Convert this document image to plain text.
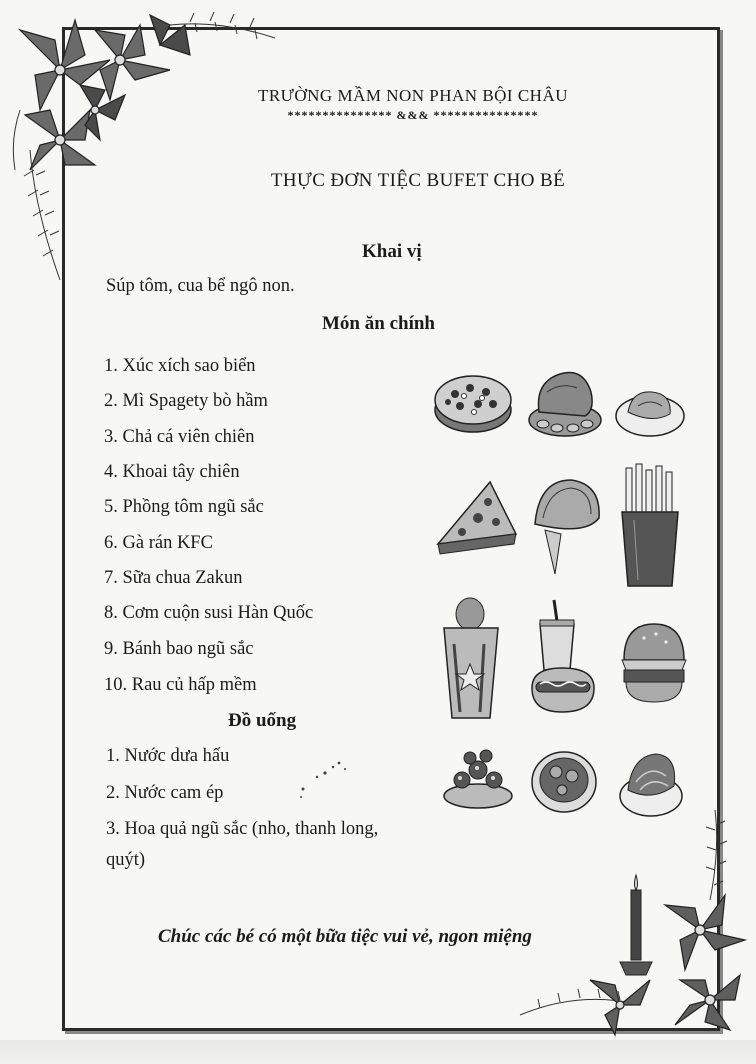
TRƯỜNG MẦM NON PHAN BỘI CHÂU
*************** &&& ***************
THỰC ĐƠN TIỆC BUFET CHO BÉ
Khai vị
Súp tôm, cua bể ngô non.
Món ăn chính
1. Xúc xích sao biển
2. Mì Spagety bò hầm
3. Chả cá viên chiên
4. Khoai tây chiên
5. Phồng tôm ngũ sắc
6. Gà rán KFC
7. Sữa chua Zakun
8. Cơm cuộn susi Hàn Quốc
9. Bánh bao ngũ sắc
10. Rau củ hấp mềm
Đồ uống
1. Nước dưa hấu
2. Nước cam ép
3. Hoa quả ngũ sắc (nho, thanh long,
quýt)
Chúc các bé có một bữa tiệc vui vẻ, ngon miệng
